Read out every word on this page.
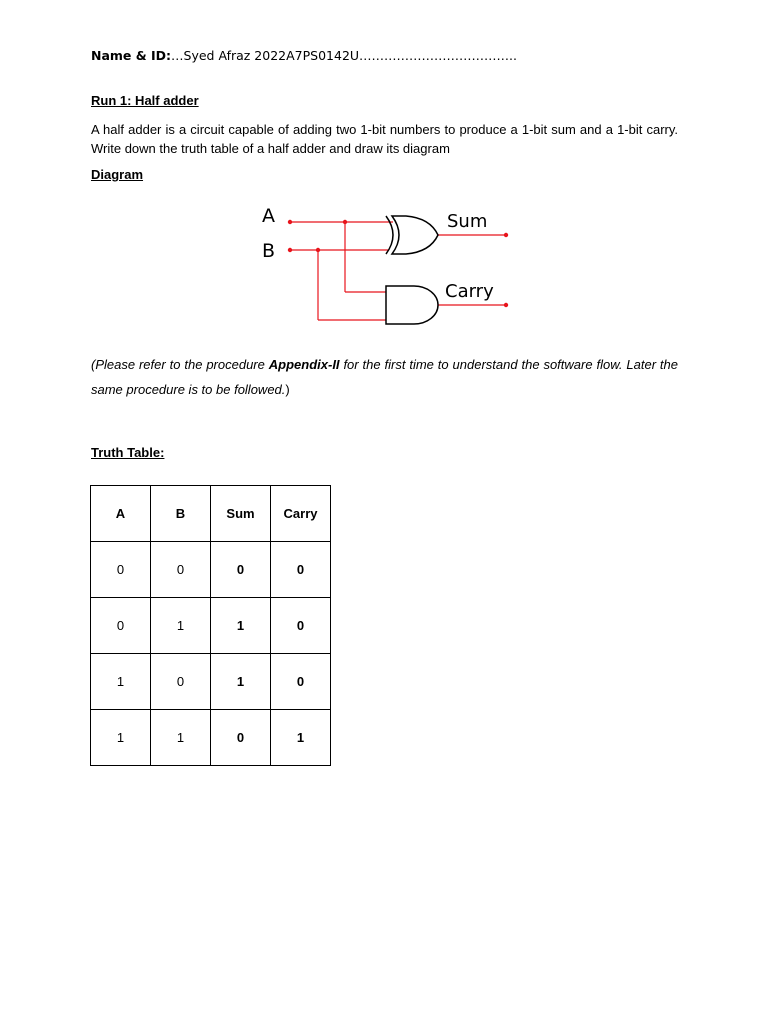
Name & ID:…Syed Afraz 2022A7PS0142U………………………………..
Run 1: Half adder
A half adder is a circuit capable of adding two 1-bit numbers to produce a 1-bit sum and a 1-bit carry. Write down the truth table of a half adder and draw its diagram
Diagram
A
B
Sum
Carry
(Please refer to the procedure Appendix-II for the first time to understand the software flow. Later the same procedure is to be followed.)
Truth Table:
A	B	Sum	Carry
0	0	0	0
0	1	1	0
1	0	1	0
1	1	0	1
